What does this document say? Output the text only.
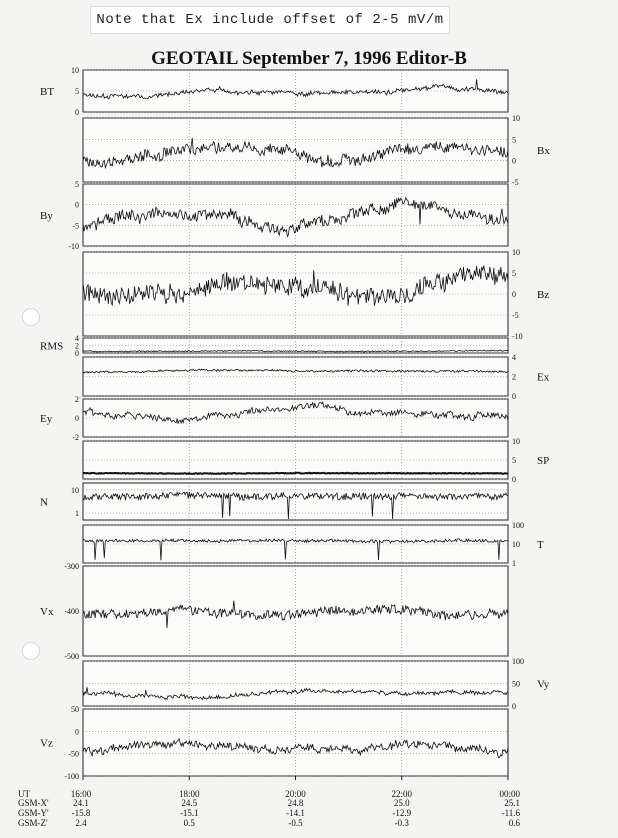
Note that Ex include offset of 2-5 mV/m
GEOTAIL September 7, 1996 Editor-B
10
5
0
BT
10
5
0
-5
Bx
5
0
-5
-10
By
10
5
0
-5
-10
Bz
4
2
0
RMS
4
2
0
Ex
2
0
-2
Ey
10
5
0
SP
10
1
N
100
10
1
T
-300
-400
-500
Vx
100
50
0
Vy
50
0
-50
-100
Vz
UT
GSM-X'
GSM-Y'
GSM-Z'
16:00
24.1
-15.8
2.4
18:00
24.5
-15.1
0.5
20:00
24.8
-14.1
-0.5
22:00
25.0
-12.9
-0.3
00:00
25.1
-11.6
0.6
